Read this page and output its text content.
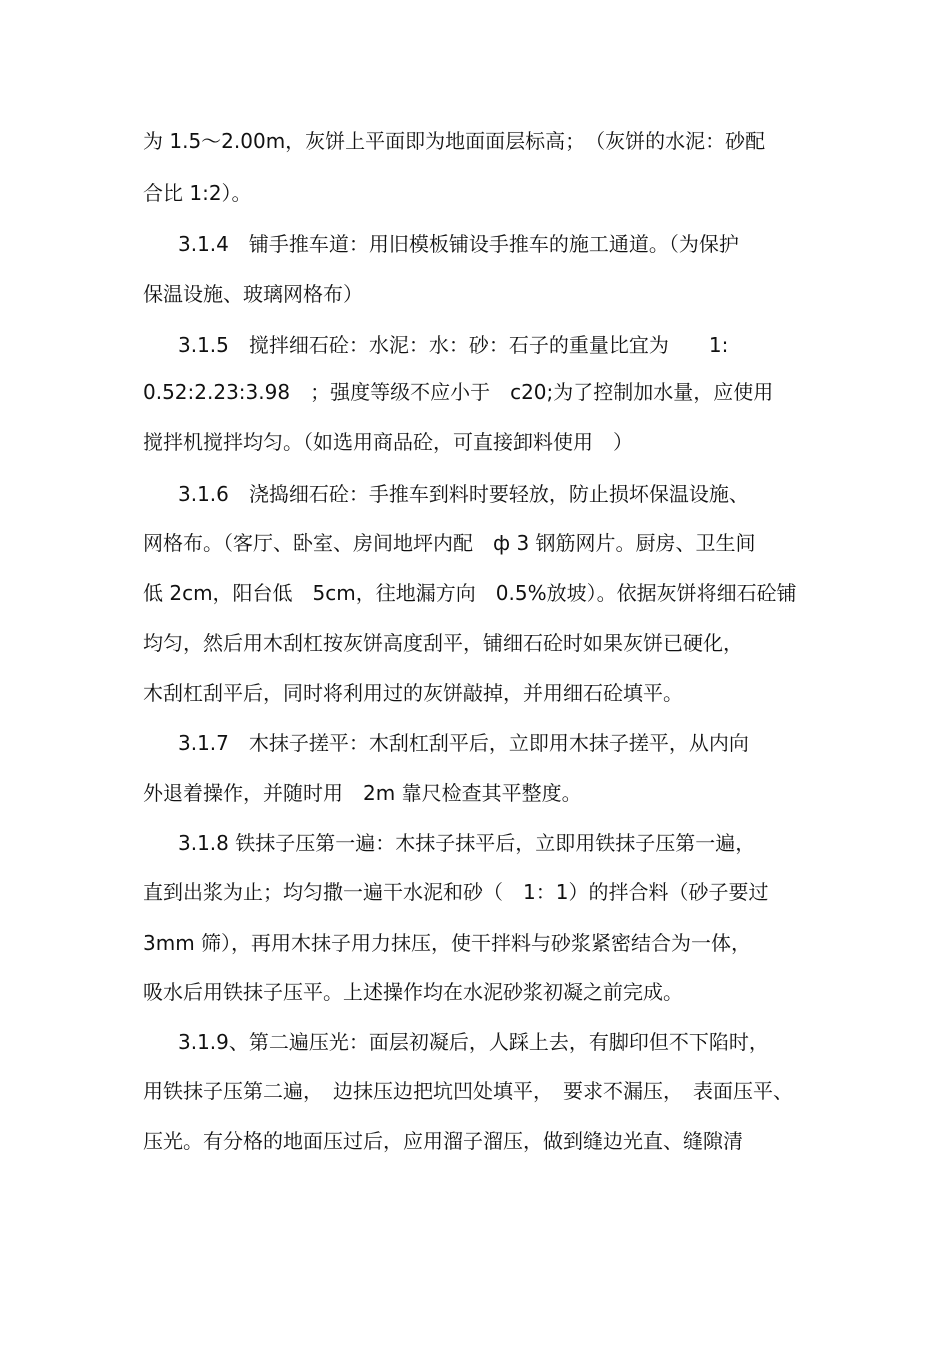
为 1.5～2.00m，灰饼上平面即为地面面层标高；　（灰饼的水泥：砂配
合比 1:2）。
3.1.4　铺手推车道：用旧模板铺设手推车的施工通道。（为保护
保温设施、玻璃网格布）
3.1.5　搅拌细石砼：水泥：水：砂：石子的重量比宜为　　1:
0.52:2.23:3.98　；强度等级不应小于　c20;为了控制加水量，应使用
搅拌机搅拌均匀。（如选用商品砼，可直接卸料使用　）
3.1.6　浇捣细石砼：手推车到料时要轻放，防止损坏保温设施、
网格布。（客厅、卧室、房间地坪内配　ф 3 钢筋网片。厨房、卫生间
低 2cm，阳台低　5cm，往地漏方向　0.5%放坡）。依据灰饼将细石砼铺
均匀，然后用木刮杠按灰饼高度刮平，铺细石砼时如果灰饼已硬化，
木刮杠刮平后，同时将利用过的灰饼敲掉，并用细石砼填平。
3.1.7　木抹子搓平：木刮杠刮平后，立即用木抹子搓平，从内向
外退着操作，并随时用　2m 靠尺检查其平整度。
3.1.8 铁抹子压第一遍：木抹子抹平后，立即用铁抹子压第一遍，
直到出浆为止；均匀撒一遍干水泥和砂（　1：1）的拌合料（砂子要过
3mm 筛），再用木抹子用力抹压，使干拌料与砂浆紧密结合为一体，
吸水后用铁抹子压平。上述操作均在水泥砂浆初凝之前完成。
3.1.9、第二遍压光：面层初凝后，人踩上去，有脚印但不下陷时，
用铁抹子压第二遍，　边抹压边把坑凹处填平，　要求不漏压，　表面压平、
压光。有分格的地面压过后，应用溜子溜压，做到缝边光直、缝隙清
